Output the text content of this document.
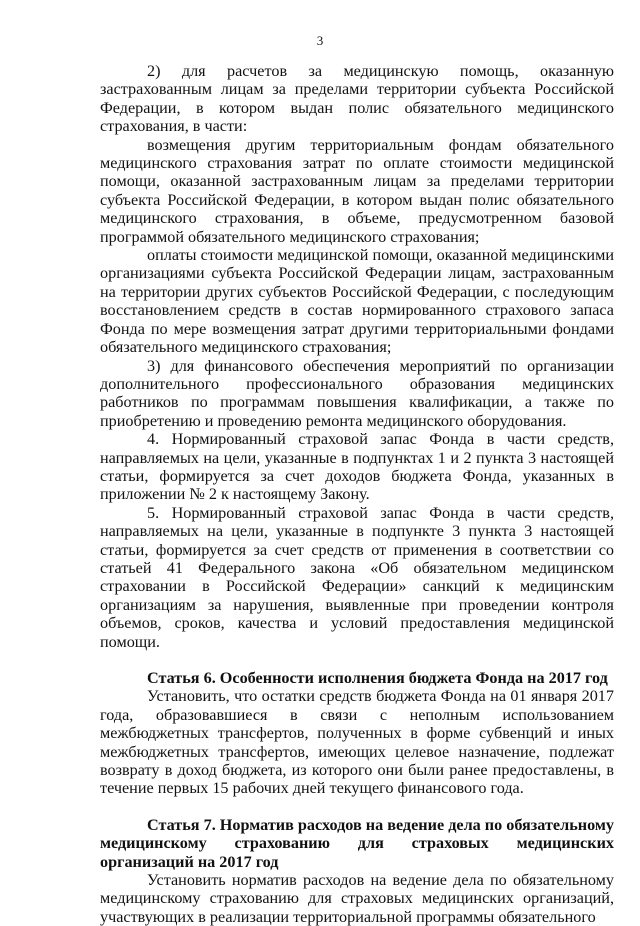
3

2) для расчетов за медицинскую помощь, оказанную застрахованным лицам за пределами территории субъекта Российской Федерации, в котором выдан полис обязательного медицинского страхования, в части:

возмещения другим территориальным фондам обязательного медицинского страхования затрат по оплате стоимости медицинской помощи, оказанной застрахованным лицам за пределами территории субъекта Российской Федерации, в котором выдан полис обязательного медицинского страхования, в объеме, предусмотренном базовой программой обязательного медицинского страхования;

оплаты стоимости медицинской помощи, оказанной медицинскими организациями субъекта Российской Федерации лицам, застрахованным на территории других субъектов Российской Федерации, с последующим восстановлением средств в состав нормированного страхового запаса Фонда по мере возмещения затрат другими территориальными фондами обязательного медицинского страхования;

3) для финансового обеспечения мероприятий по организации дополнительного профессионального образования медицинских работников по программам повышения квалификации, а также по приобретению и проведению ремонта медицинского оборудования.

4. Нормированный страховой запас Фонда в части средств, направляемых на цели, указанные в подпунктах 1 и 2 пункта 3 настоящей статьи, формируется за счет доходов бюджета Фонда, указанных в приложении № 2 к настоящему Закону.

5. Нормированный страховой запас Фонда в части средств, направляемых на цели, указанные в подпункте 3 пункта 3 настоящей статьи, формируется за счет средств от применения в соответствии со статьей 41 Федерального закона «Об обязательном медицинском страховании в Российской Федерации» санкций к медицинским организациям за нарушения, выявленные при проведении контроля объемов, сроков, качества и условий предоставления медицинской помощи.

Статья 6. Особенности исполнения бюджета Фонда на 2017 год

Установить, что остатки средств бюджета Фонда на 01 января 2017 года, образовавшиеся в связи с неполным использованием межбюджетных трансфертов, полученных в форме субвенций и иных межбюджетных трансфертов, имеющих целевое назначение, подлежат возврату в доход бюджета, из которого они были ранее предоставлены, в течение первых 15 рабочих дней текущего финансового года.

Статья 7. Норматив расходов на ведение дела по обязательному медицинскому страхованию для страховых медицинских организаций на 2017 год

Установить норматив расходов на ведение дела по обязательному медицинскому страхованию для страховых медицинских организаций, участвующих в реализации территориальной программы обязательного
